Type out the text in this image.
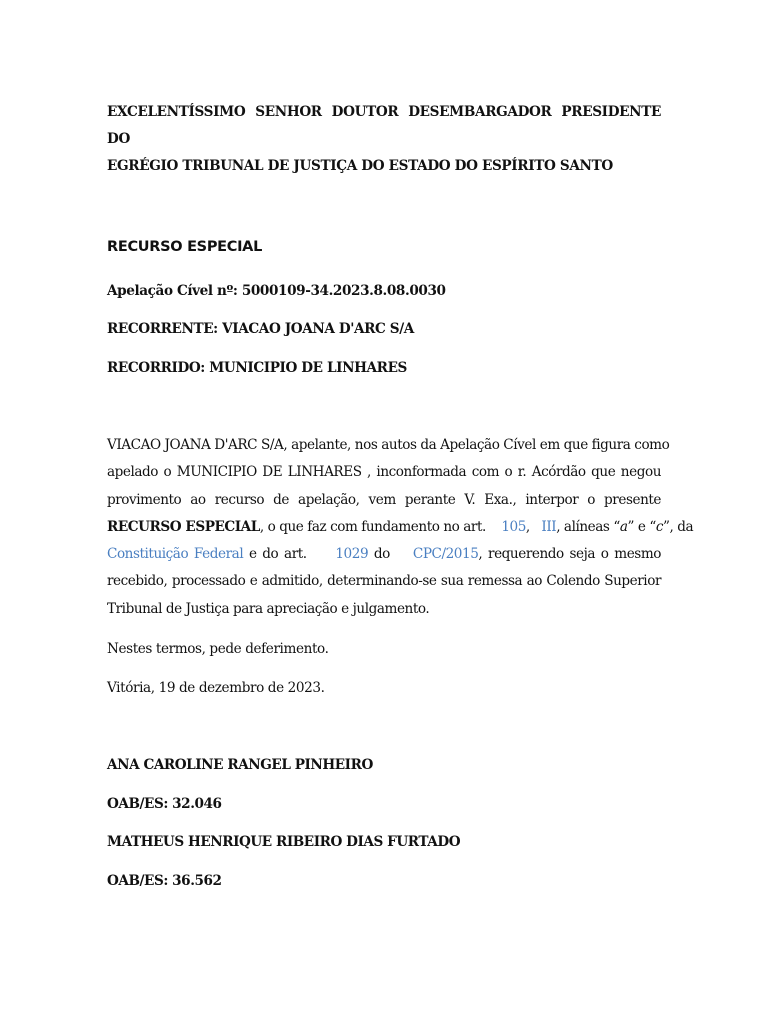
EXCELENTÍSSIMO SENHOR DOUTOR DESEMBARGADOR PRESIDENTE DO
EGRÉGIO TRIBUNAL DE JUSTIÇA DO ESTADO DO ESPÍRITO SANTO

RECURSO ESPECIAL

Apelação Cível nº: 5000109-34.2023.8.08.0030

RECORRENTE: VIACAO JOANA D'ARC S/A

RECORRIDO: MUNICIPIO DE LINHARES

VIACAO JOANA D'ARC S/A, apelante, nos autos da Apelação Cível em que figura como
apelado o MUNICIPIO DE LINHARES , inconformada com o r. Acórdão que negou
provimento ao recurso de apelação, vem perante V. Exa., interpor o presente
RECURSO ESPECIAL, o que faz com fundamento no art. 105, III, alíneas “a” e “c”, da
Constituição Federal e do art. 1029 do CPC/2015, requerendo seja o mesmo
recebido, processado e admitido, determinando-se sua remessa ao Colendo Superior
Tribunal de Justiça para apreciação e julgamento.

Nestes termos, pede deferimento.

Vitória, 19 de dezembro de 2023.

ANA CAROLINE RANGEL PINHEIRO

OAB/ES: 32.046

MATHEUS HENRIQUE RIBEIRO DIAS FURTADO

OAB/ES: 36.562
